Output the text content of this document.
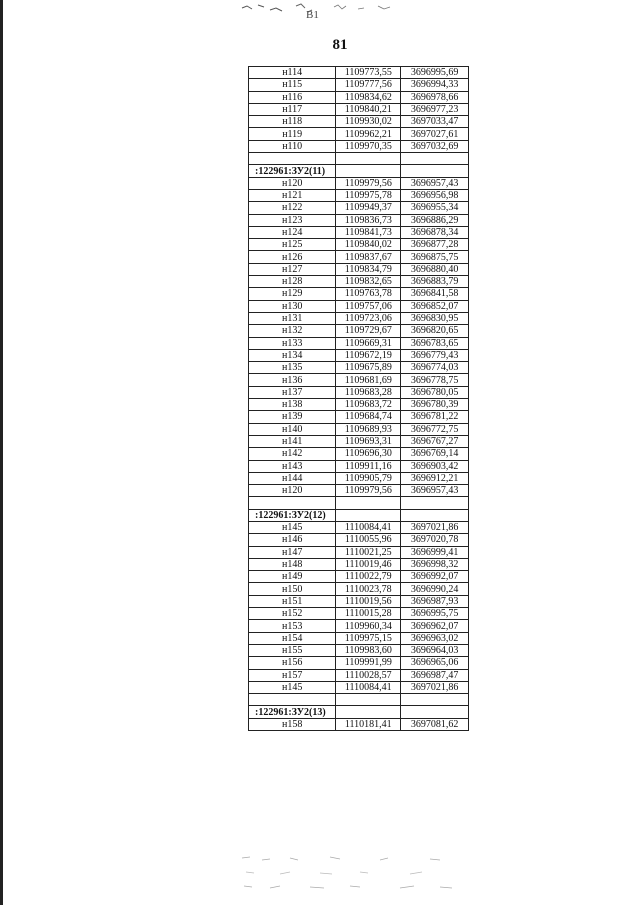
В1
81
н114	1109773,55	3696995,69
н115	1109777,56	3696994,33
н116	1109834,62	3696978,66
н117	1109840,21	3696977,23
н118	1109930,02	3697033,47
н119	1109962,21	3697027,61
н110	1109970,35	3697032,69

:122961:ЗУ2(11)		
н120	1109979,56	3696957,43
н121	1109975,78	3696956,98
н122	1109949,37	3696955,34
н123	1109836,73	3696886,29
н124	1109841,73	3696878,34
н125	1109840,02	3696877,28
н126	1109837,67	3696875,75
н127	1109834,79	3696880,40
н128	1109832,65	3696883,79
н129	1109763,78	3696841,58
н130	1109757,06	3696852,07
н131	1109723,06	3696830,95
н132	1109729,67	3696820,65
н133	1109669,31	3696783,65
н134	1109672,19	3696779,43
н135	1109675,89	3696774,03
н136	1109681,69	3696778,75
н137	1109683,28	3696780,05
н138	1109683,72	3696780,39
н139	1109684,74	3696781,22
н140	1109689,93	3696772,75
н141	1109693,31	3696767,27
н142	1109696,30	3696769,14
н143	1109911,16	3696903,42
н144	1109905,79	3696912,21
н120	1109979,56	3696957,43

:122961:ЗУ2(12)		
н145	1110084,41	3697021,86
н146	1110055,96	3697020,78
н147	1110021,25	3696999,41
н148	1110019,46	3696998,32
н149	1110022,79	3696992,07
н150	1110023,78	3696990,24
н151	1110019,56	3696987,93
н152	1110015,28	3696995,75
н153	1109960,34	3696962,07
н154	1109975,15	3696963,02
н155	1109983,60	3696964,03
н156	1109991,99	3696965,06
н157	1110028,57	3696987,47
н145	1110084,41	3697021,86

:122961:ЗУ2(13)		
н158	1110181,41	3697081,62
